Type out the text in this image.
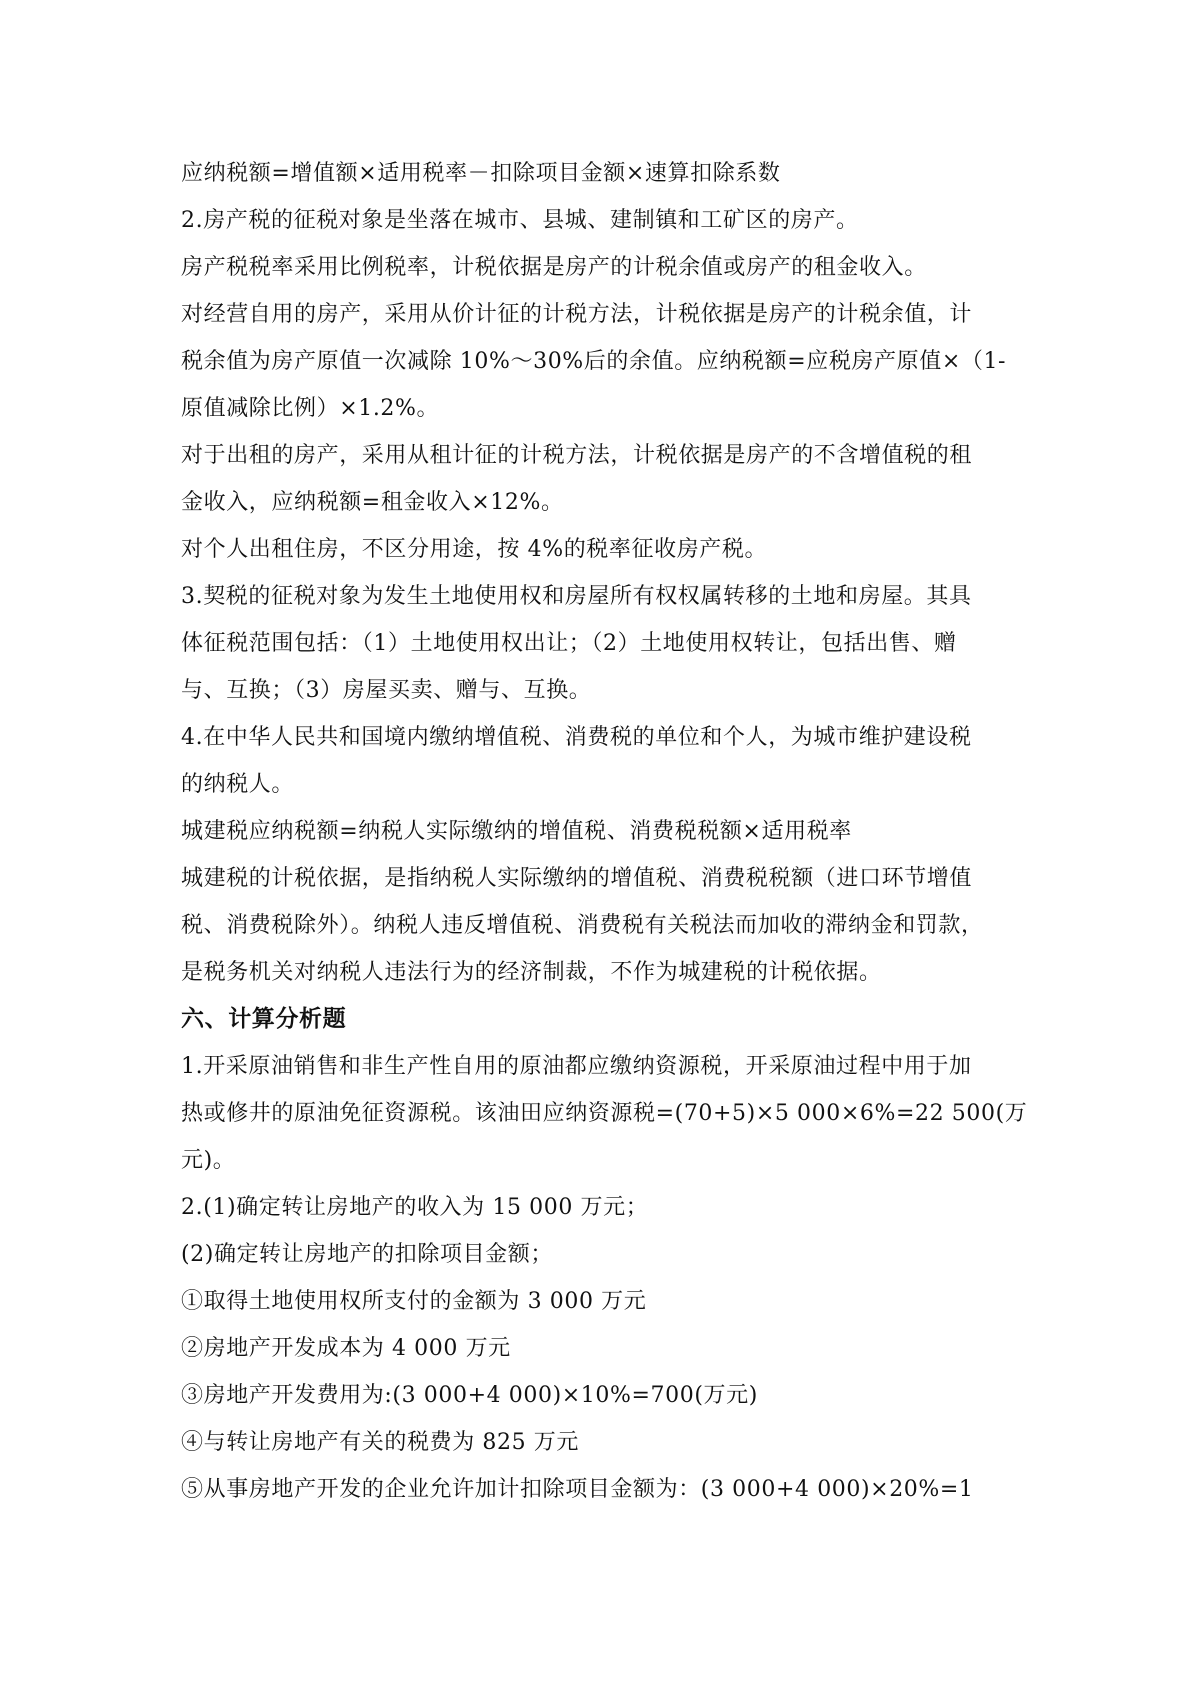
应纳税额=增值额×适用税率－扣除项目金额×速算扣除系数
2.房产税的征税对象是坐落在城市、县城、建制镇和工矿区的房产。
房产税税率采用比例税率，计税依据是房产的计税余值或房产的租金收入。
对经营自用的房产，采用从价计征的计税方法，计税依据是房产的计税余值，计
税余值为房产原值一次减除 10%～30%后的余值。应纳税额=应税房产原值×（1-
原值减除比例）×1.2%。
对于出租的房产，采用从租计征的计税方法，计税依据是房产的不含增值税的租
金收入，应纳税额=租金收入×12%。
对个人出租住房，不区分用途，按 4%的税率征收房产税。
3.契税的征税对象为发生土地使用权和房屋所有权权属转移的土地和房屋。其具
体征税范围包括：（1）土地使用权出让；（2）土地使用权转让，包括出售、赠
与、互换；（3）房屋买卖、赠与、互换。
4.在中华人民共和国境内缴纳增值税、消费税的单位和个人，为城市维护建设税
的纳税人。
城建税应纳税额=纳税人实际缴纳的增值税、消费税税额×适用税率
城建税的计税依据，是指纳税人实际缴纳的增值税、消费税税额（进口环节增值
税、消费税除外）。纳税人违反增值税、消费税有关税法而加收的滞纳金和罚款，
是税务机关对纳税人违法行为的经济制裁，不作为城建税的计税依据。
六、计算分析题
1.开采原油销售和非生产性自用的原油都应缴纳资源税，开采原油过程中用于加
热或修井的原油免征资源税。该油田应纳资源税=(70+5)×5 000×6%=22 500(万
元)。
2.(1)确定转让房地产的收入为 15 000 万元；
(2)确定转让房地产的扣除项目金额；
①取得土地使用权所支付的金额为 3 000 万元
②房地产开发成本为 4 000 万元
③房地产开发费用为:(3 000+4 000)×10%=700(万元)
④与转让房地产有关的税费为 825 万元
⑤从事房地产开发的企业允许加计扣除项目金额为：(3 000+4 000)×20%=1
